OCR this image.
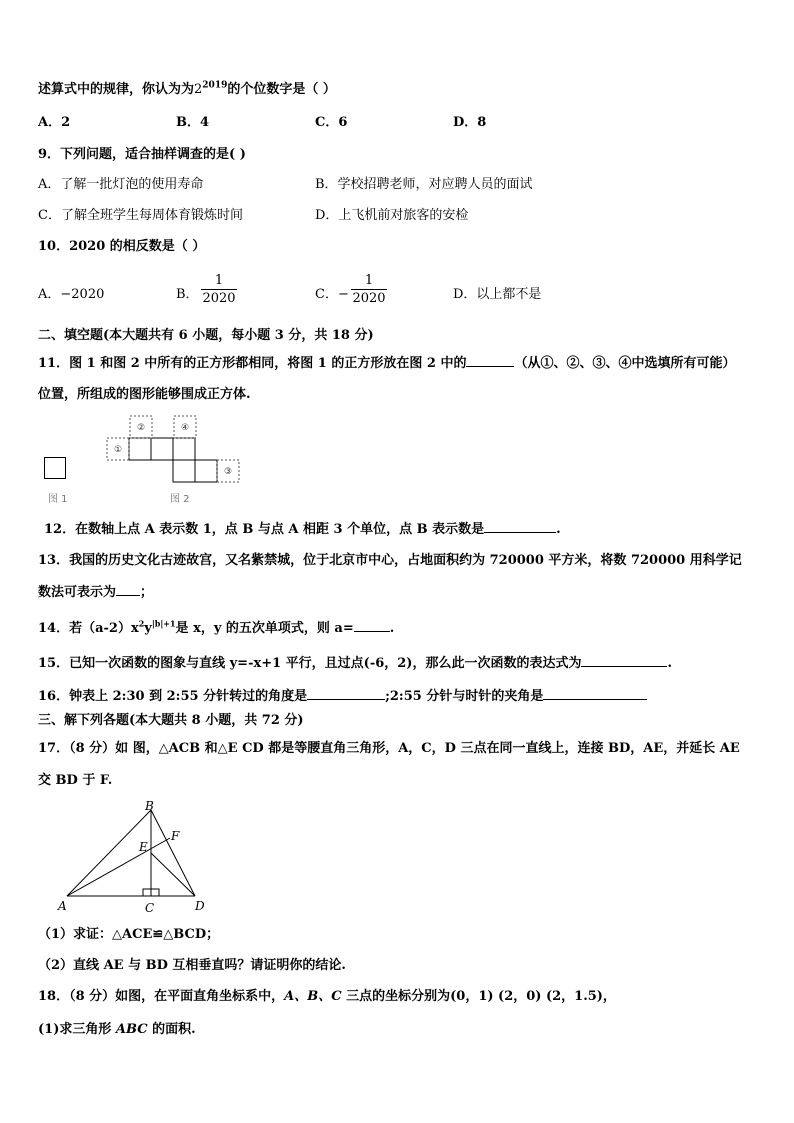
述算式中的规律，你认为为$2^{2019}$的个位数字是（ ）
A．2	B．4	C．6	D．8
9．下列问题，适合抽样调查的是( )
A．了解一批灯泡的使用寿命	B．学校招聘老师，对应聘人员的面试
C．了解全班学生每周体育锻炼时间	D．上飞机前对旅客的安检
10．2020 的相反数是（ ）
A．−2020	B． $\frac{1}{2020}$	C．− $\frac{1}{2020}$	D．以上都不是
二、填空题(本大题共有 6 小题，每小题 3 分，共 18 分)
11．图 1 和图 2 中所有的正方形都相同，将图 1 的正方形放在图 2 中的	（从①、②、③、④中选填所有可能）
位置，所组成的图形能够围成正方体.
图 1
①
②	④
③
图 2
12．在数轴上点 A 表示数 1，点 B 与点 A 相距 3 个单位，点 B 表示数是	.
13．我国的历史文化古迹故宫，又名紫禁城，位于北京市中心，占地面积约为 720000 平方米，将数 720000 用科学记
数法可表示为 ；
14．若$(a-2)x^2y^{|b|+1}$是 x，y 的五次单项式，则 a=	.
15．已知一次函数的图象与直线 y=-x+1 平行，且过点(-6，2)，那么此一次函数的表达式为	.
16．钟表上 2:30 到 2:55 分针转过的角度是	;2:55 分针与时针的夹角是
三、解下列各题(本大题共 8 小题，共 72 分)
17．（8 分）如 图，△ACB 和△E CD 都是等腰直角三角形，A，C，D 三点在同一直线上，连接 BD，AE，并延长 AE
交 BD 于 F.
B
F
E
A	C	D
（1）求证：△ACE≌△BCD；
（2）直线 AE 与 BD 互相垂直吗？请证明你的结论.
18．（8 分）如图，在平面直角坐标系中，A、B、C 三点的坐标分别为(0，1) (2，0) (2，1.5)，
(1)求三角形 ABC 的面积.
